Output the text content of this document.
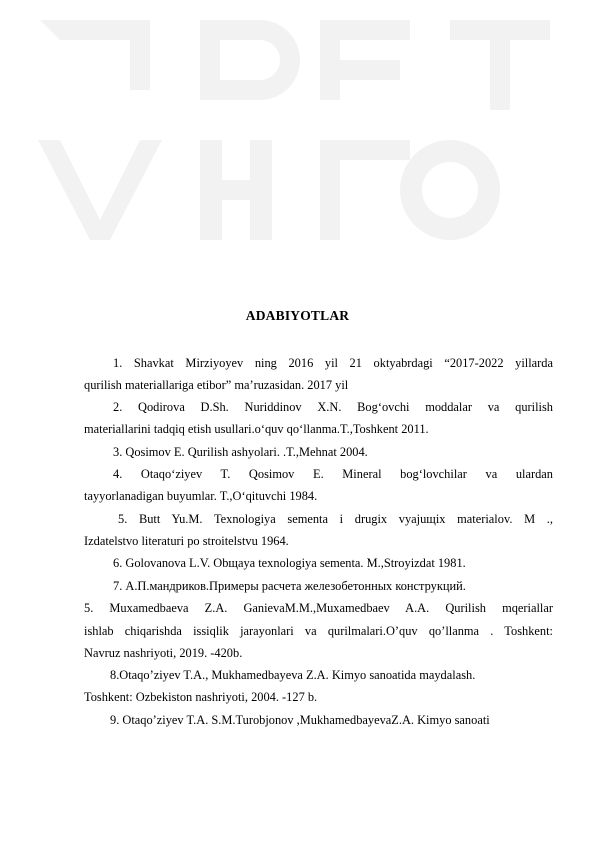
ADABIYOTLAR
1. Shavkat Mirziyoyev ning 2016 yil 21 oktyabrdagi “2017-2022 yillarda
qurilish materiallariga etibor” ma’ruzasidan. 2017 yil
2. Qodirova D.Sh. Nuriddinov X.N. Bog‘ovchi moddalar va qurilish
materiallarini tadqiq etish usullari.o‘quv qo‘llanma.T.,Toshkent 2011.
3. Qosimov E. Qurilish ashyolari. .T.,Mehnat 2004.
4. Otaqo‘ziyev T. Qosimov E. Mineral bog‘lovchilar va ulardan
tayyorlanadigan buyumlar. T.,O‘qituvchi 1984.
5. Butt Yu.M. Texnologiya sementa i drugix vyajuщix materialov. M .,
Izdatelstvo literaturi po stroitelstvu 1964.
6. Golovanova L.V. Obщaya texnologiya sementa. M.,Stroyizdat 1981.
7. А.П.мандриков.Примеры расчета железобетонных конструкций.
5. Muxamedbaeva Z.A. GanievaM.M.,Muxamedbaev A.A. Qurilish mqeriallar
ishlab chiqarishda issiqlik jarayonlari va qurilmalari.O’quv qo’llanma . Toshkent:
Navruz nashriyoti, 2019. -420b.
8.Otaqo’ziyev T.A., Mukhamedbayeva Z.A. Kimyo sanoatida maydalash.
Toshkent: Ozbekiston nashriyoti, 2004. -127 b.
9. Otaqo’ziyev T.A. S.M.Turobjonov ,MukhamedbayevaZ.A. Kimyo sanoati
